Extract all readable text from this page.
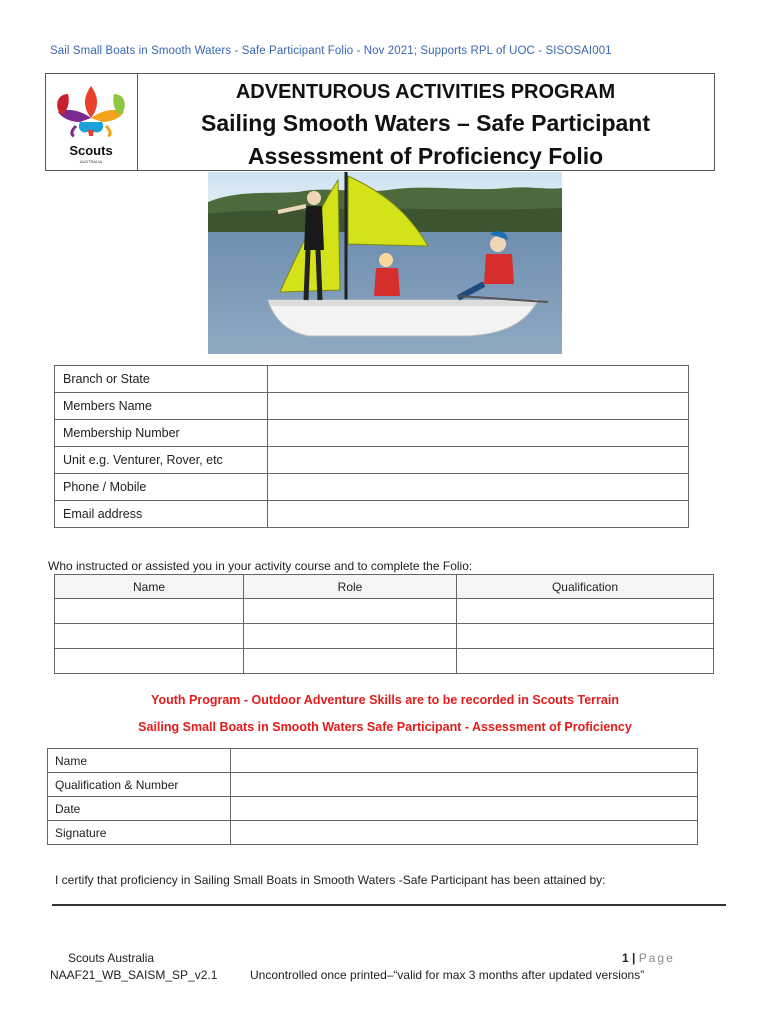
Sail Small Boats in Smooth Waters - Safe Participant Folio - Nov 2021; Supports RPL of UOC - SISOSAI001
Scouts
AUSTRALIA
ADVENTUROUS ACTIVITIES PROGRAM
Sailing Smooth Waters – Safe Participant
Assessment of Proficiency Folio
Branch or State	
Members Name	
Membership Number	
Unit e.g. Venturer, Rover, etc	
Phone / Mobile	
Email address	
Who instructed or assisted you in your activity course and to complete the Folio:
Name	Role	Qualification

Youth Program - Outdoor Adventure Skills are to be recorded in Scouts Terrain
Sailing Small Boats in Smooth Waters Safe Participant - Assessment of Proficiency
Name	
Qualification & Number	
Date	
Signature	
I certify that proficiency in Sailing Small Boats in Smooth Waters -Safe Participant has been attained by:
Scouts Australia	1 | Page
NAAF21_WB_SAISM_SP_v2.1	Uncontrolled once printed–“valid for max 3 months after updated versions”
